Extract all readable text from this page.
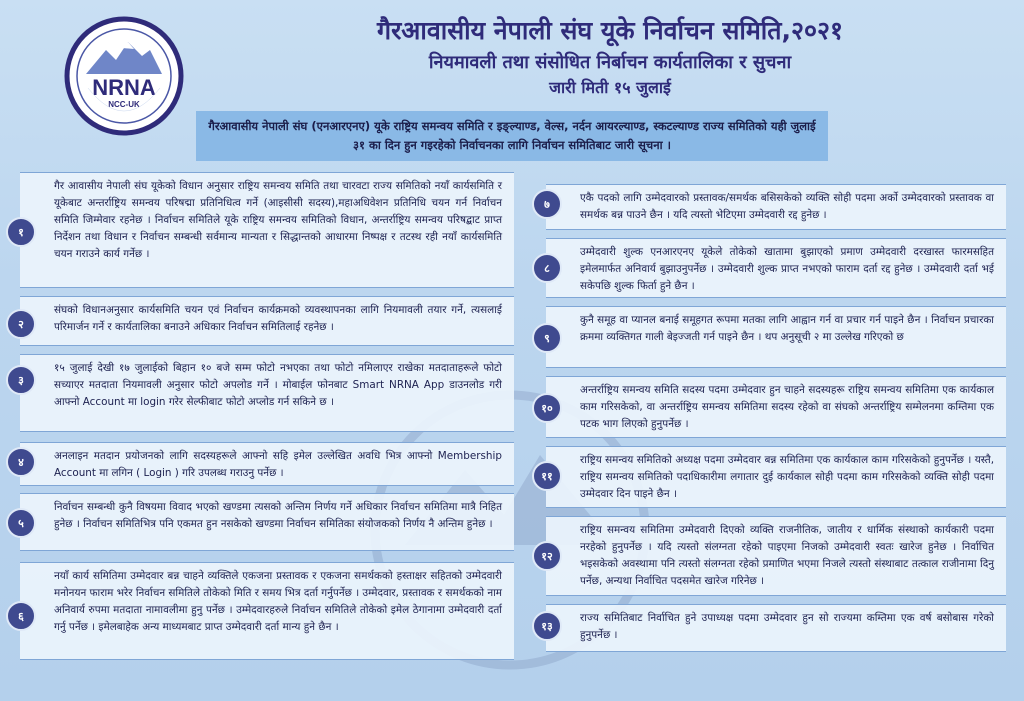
NRNA
NCC-UK
गैरआवासीय नेपाली संघ यूके निर्वाचन समिति,२०२१
नियमावली तथा संसोधित निर्बाचन कार्यतालिका र सुचना
जारी मिती १५ जुलाई
गैरआवासीय नेपाली संघ (एनआरएनए) यूके राष्ट्रिय समन्वय समिति र इङ्ल्याण्ड, वेल्स, नर्दन आयरल्याण्ड, स्कटल्याण्ड राज्य समितिको यही जुलाई ३१ का दिन हुन गइरहेको निर्वाचनका लागि निर्वाचन समितिबाट जारी सूचना ।
१

गैर आवासीय नेपाली संघ यूकेको विधान अनुसार राष्ट्रिय समन्वय समिति तथा चारवटा राज्य समितिको नयाँ कार्यसमिति र यूकेबाट अन्तर्राष्ट्रिय समन्वय परिषद्मा प्रतिनिधित्व गर्ने (आइसीसी सदस्य),महाअधिवेशन प्रतिनिधि चयन गर्न निर्वाचन समिति जिम्मेवार रहनेछ । निर्वाचन समितिले यूके राष्ट्रिय समन्वय समितिको विधान, अन्तर्राष्ट्रिय समन्वय परिषद्बाट प्राप्त निर्देशन तथा विधान र निर्वाचन सम्बन्धी सर्वमान्य मान्यता र सिद्धान्तको आधारमा निष्पक्ष र तटस्थ रही नयाँ कार्यसमिति चयन गराउने कार्य गर्नेछ ।

२

संघको विधानअनुसार कार्यसमिति चयन एवं निर्वाचन कार्यक्रमको व्यवस्थापनका लागि नियमावली तयार गर्ने, त्यसलाई परिमार्जन गर्ने र कार्यतालिका बनाउने अधिकार निर्वाचन समितिलाई रहनेछ ।

३

१५ जुलाई देखी १७ जुलाईको बिहान १० बजे सम्म फोटो नभएका तथा फोटो नमिलाएर राखेका मतदाताहरूले फोटो सच्याएर मतदाता नियमावली अनुसार फोटो अपलोड गर्ने । मोबाईल फोनबाट Smart NRNA App डाउनलोड गरी आफ्नो Account मा login गरेर सेल्फीबाट फोटो अप्लोड गर्न सकिने छ ।

४	अनलाइन मतदान प्रयोजनको लागि सदस्यहरूले आफ्नो सहि इमेल उल्लेखित अवधि भित्र आफ्नो Membership Account मा लगिन ( Login ) गरि उपलब्ध गराउनु पर्नेछ ।

५

निर्वाचन सम्बन्धी कुनै विषयमा विवाद भएको खण्डमा त्यसको अन्तिम निर्णय गर्ने अधिकार निर्वाचन समितिमा मात्रै निहित हुनेछ । निर्वाचन समितिभित्र पनि एकमत हुन नसकेको खण्डमा निर्वाचन समितिका संयोजकको निर्णय नै अन्तिम हुनेछ ।

६

नयाँ कार्य समितिमा उम्मेदवार बन्न चाहने व्यक्तिले एकजना प्रस्तावक र एकजना समर्थकको हस्ताक्षर सहितको उम्मेदवारी मनोनयन फाराम भरेर निर्वाचन समितिले तोकेको मिति र समय भित्र दर्ता गर्नुपर्नेछ । उम्मेदवार, प्रस्तावक र समर्थकको नाम अनिवार्य रुपमा मतदाता नामावलीमा हुनु पर्नेछ । उम्मेदवारहरुले निर्वाचन समितिले तोकेको इमेल ठेगानामा उम्मेदवारी दर्ता गर्नु पर्नेछ । इमेलबाहेक अन्य माध्यमबाट प्राप्त उम्मेदवारी दर्ता मान्य हुने छैन ।

७	एकै पदको लागि उम्मेदवारको प्रस्तावक/समर्थक बसिसकेको व्यक्ति सोही पदमा अर्को उम्मेदवारको प्रस्तावक वा समर्थक बन्न पाउने छैन । यदि त्यस्तो भेटिएमा उम्मेदवारी रद्द हुनेछ ।

८

उम्मेदवारी शुल्क एनआरएनए यूकेले तोकेको खातामा बुझाएको प्रमाण उम्मेदवारी दरखास्त फारमसहित इमेलमार्फत अनिवार्य बुझाउनुपर्नेछ । उम्मेदवारी शुल्क प्राप्त नभएको फाराम दर्ता रद्द हुनेछ । उम्मेदवारी दर्ता भई सकेपछि शुल्क फिर्ता हुने छैन ।

९

कुनै समूह वा प्यानल बनाई समूहगत रूपमा मतका लागि आह्वान गर्न वा प्रचार गर्न पाइने छैन । निर्वाचन प्रचारका क्रममा व्यक्तिगत गाली बेइज्जती गर्न पाइने छैन । थप अनुसूची २ मा उल्लेख गरिएको छ

१०

अन्तर्राष्ट्रिय समन्वय समिति सदस्य पदमा उम्मेदवार हुन चाहने सदस्यहरू राष्ट्रिय समन्वय समितिमा एक कार्यकाल काम गरिसकेको, वा अन्तर्राष्ट्रिय समन्वय समितिमा सदस्य रहेको वा संघको अन्तर्राष्ट्रिय सम्मेलनमा कम्तिमा एक पटक भाग लिएको हुनुपर्नेछ ।

११

राष्ट्रिय समन्वय समितिको अध्यक्ष पदमा उम्मेदवार बन्न समितिमा एक कार्यकाल काम गरिसकेको हुनुपर्नेछ । यस्तै, राष्ट्रिय समन्वय समितिको पदाधिकारीमा लगातार दुई कार्यकाल सोही पदमा काम गरिसकेको व्यक्ति सोही पदमा उम्मेदवार दिन पाइने छैन ।

१२

राष्ट्रिय समन्वय समितिमा उम्मेदवारी दिएको व्यक्ति राजनीतिक, जातीय र धार्मिक संस्थाको कार्यकारी पदमा नरहेको हुनुपर्नेछ । यदि त्यस्तो संलग्नता रहेको पाइएमा निजको उम्मेदवारी स्वतः खारेज हुनेछ । निर्वाचित भइसकेको अवस्थामा पनि त्यस्तो संलग्नता रहेको प्रमाणित भएमा निजले त्यस्तो संस्थाबाट तत्काल राजीनामा दिनु पर्नेछ, अन्यथा निर्वाचित पदसमेत खारेज गरिनेछ ।

१३

राज्य समितिबाट निर्वाचित हुने उपाध्यक्ष पदमा उम्मेदवार हुन सो राज्यमा कम्तिमा एक वर्ष बसोबास गरेको हुनुपर्नेछ ।
